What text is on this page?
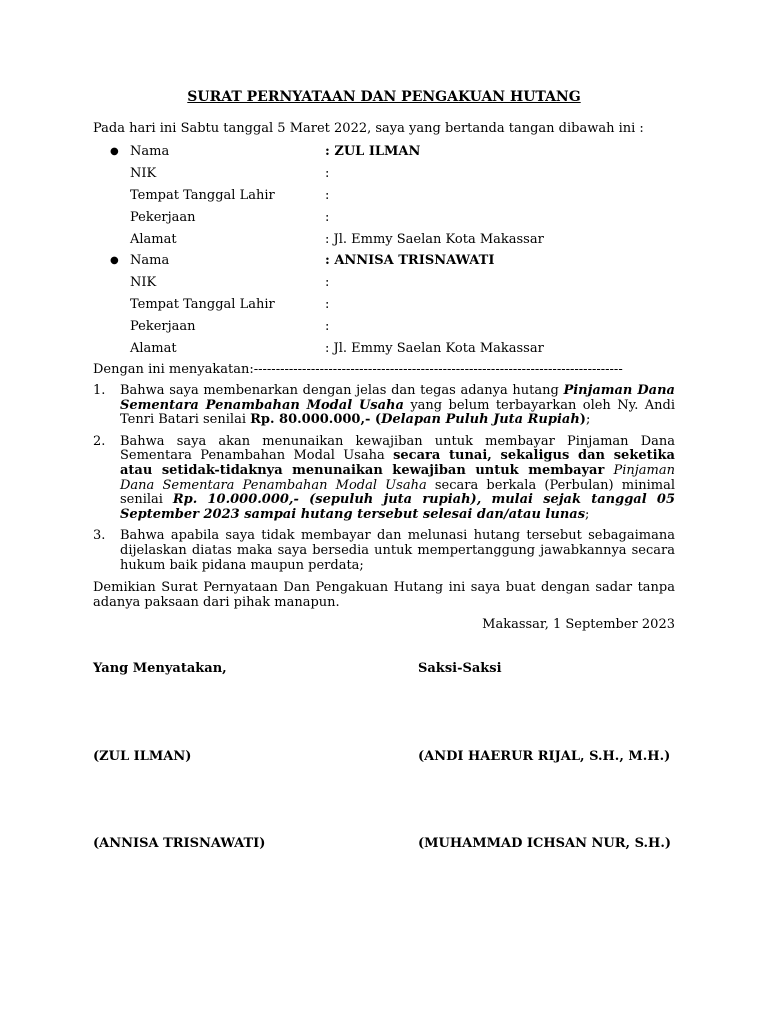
SURAT PERNYATAAN DAN PENGAKUAN HUTANG
Pada hari ini Sabtu tanggal 5 Maret 2022, saya yang bertanda tangan dibawah ini :
● Nama	: ZUL ILMAN
NIK	:
Tempat Tanggal Lahir	:
Pekerjaan	:
Alamat	: Jl. Emmy Saelan Kota Makassar
● Nama	: ANNISA TRISNAWATI
NIK	:
Tempat Tanggal Lahir	:
Pekerjaan	:
Alamat	: Jl. Emmy Saelan Kota Makassar
Dengan ini menyakatan:------------------------------------------------------------------------------------
1. Bahwa saya membenarkan dengan jelas dan tegas adanya hutang Pinjaman Dana Sementara Penambahan Modal Usaha yang belum terbayarkan oleh Ny. Andi Tenri Batari senilai Rp. 80.000.000,- (Delapan Puluh Juta Rupiah);
2. Bahwa saya akan menunaikan kewajiban untuk membayar Pinjaman Dana Sementara Penambahan Modal Usaha secara tunai, sekaligus dan seketika atau setidak-tidaknya menunaikan kewajiban untuk membayar Pinjaman Dana Sementara Penambahan Modal Usaha secara berkala (Perbulan) minimal senilai Rp. 10.000.000,- (sepuluh juta rupiah), mulai sejak tanggal 05 September 2023 sampai hutang tersebut selesai dan/atau lunas;
3. Bahwa apabila saya tidak membayar dan melunasi hutang tersebut sebagaimana dijelaskan diatas maka saya bersedia untuk mempertanggung jawabkannya secara hukum baik pidana maupun perdata;
Demikian Surat Pernyataan Dan Pengakuan Hutang ini saya buat dengan sadar tanpa adanya paksaan dari pihak manapun.
Makassar, 1 September 2023
Yang Menyatakan,	Saksi-Saksi
(ZUL ILMAN)	(ANDI HAERUR RIJAL, S.H., M.H.)
(ANNISA TRISNAWATI)	(MUHAMMAD ICHSAN NUR, S.H.)
